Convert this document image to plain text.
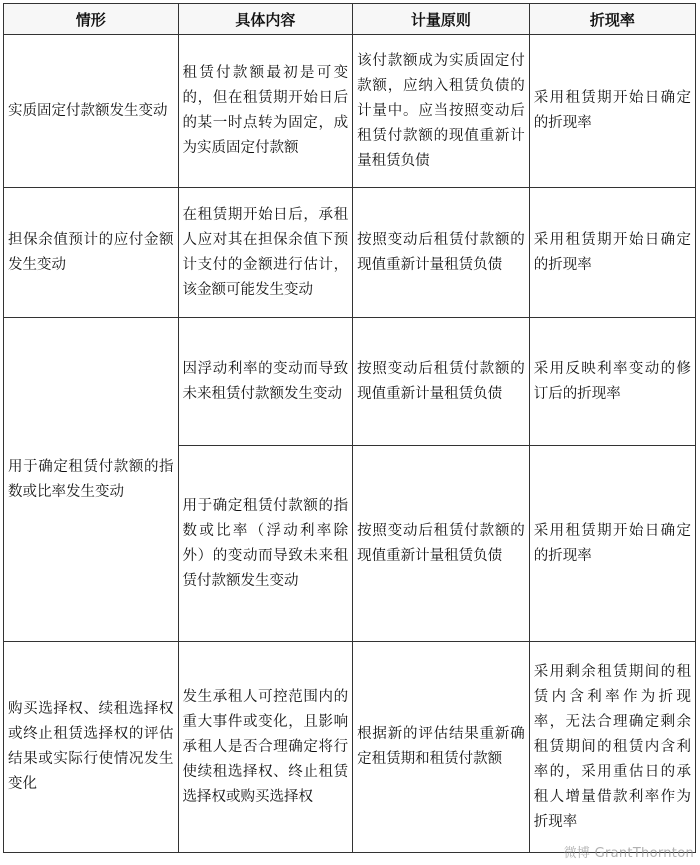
情形	具体内容	计量原则	折现率
实质固定付款额发生变动	租赁付款额最初是可变的，但在租赁期开始日后的某一时点转为固定，成为实质固定付款额	该付款额成为实质固定付款额，应纳入租赁负债的计量中。应当按照变动后租赁付款额的现值重新计量租赁负债	采用租赁期开始日确定的折现率
担保余值预计的应付金额发生变动	在租赁期开始日后，承租人应对其在担保余值下预计支付的金额进行估计，该金额可能发生变动	按照变动后租赁付款额的现值重新计量租赁负债	采用租赁期开始日确定的折现率
用于确定租赁付款额的指数或比率发生变动	因浮动利率的变动而导致未来租赁付款额发生变动	按照变动后租赁付款额的现值重新计量租赁负债	采用反映利率变动的修订后的折现率
	用于确定租赁付款额的指数或比率（浮动利率除外）的变动而导致未来租赁付款额发生变动	按照变动后租赁付款额的现值重新计量租赁负债	采用租赁期开始日确定的折现率
购买选择权、续租选择权或终止租赁选择权的评估结果或实际行使情况发生变化	发生承租人可控范围内的重大事件或变化，且影响承租人是否合理确定将行使续租选择权、终止租赁选择权或购买选择权	根据新的评估结果重新确定租赁期和租赁付款额	采用剩余租赁期间的租赁内含利率作为折现率，无法合理确定剩余租赁期间的租赁内含利率的，采用重估日的承租人增量借款利率作为折现率
微博 GrantThornton
